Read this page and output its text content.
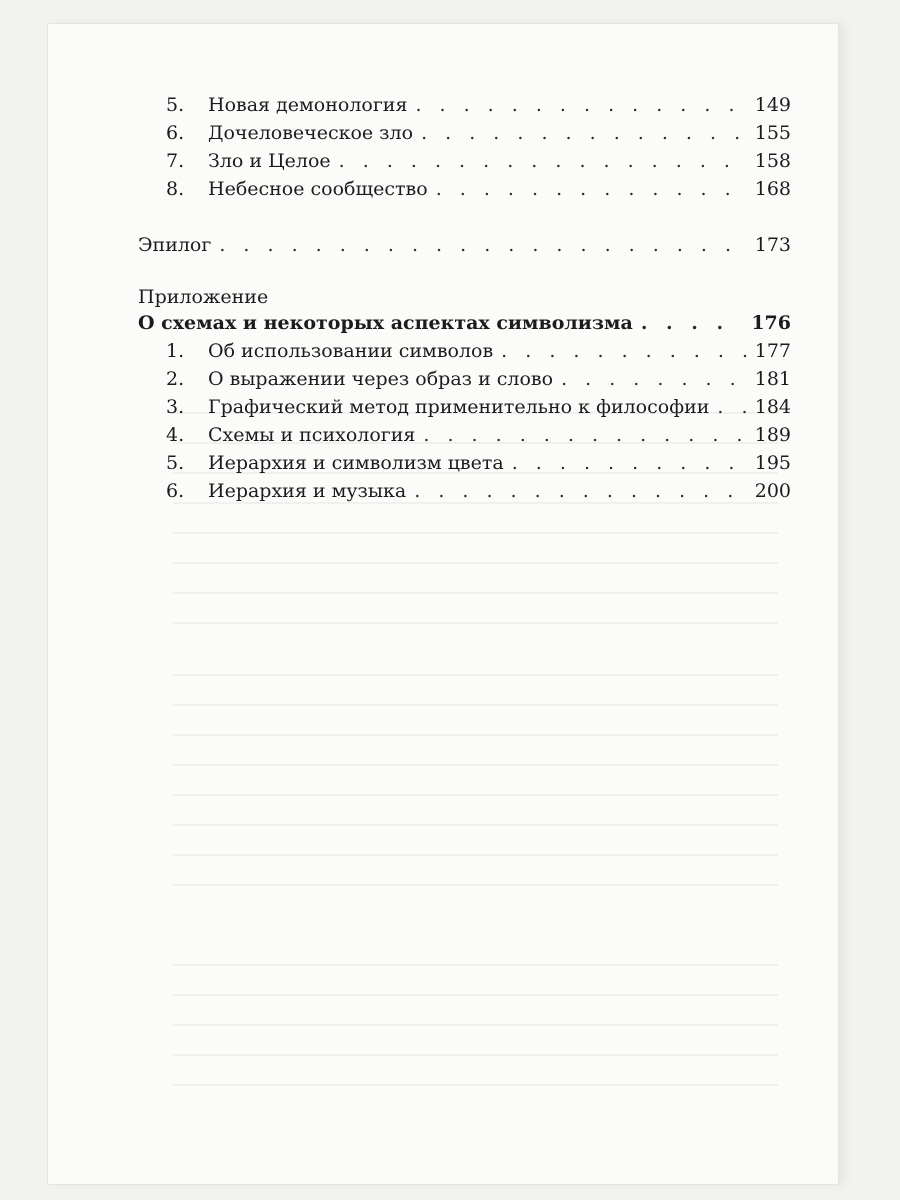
5.	Новая демонология . . .	149
6.	Дочеловеческое зло . . .	155
7.	Зло и Целое . . .	158
8.	Небесное сообщество . . .	168
Эпилог . . .	173
Приложение
О схемах и некоторых аспектах символизма . . .	176
1.	Об использовании символов . . .	177
2.	О выражении через образ и слово . . .	181
3.	Графический метод применительно к философии . . . 184
4.	Схемы и психология . . .	189
5.	Иерархия и символизм цвета . . .	195
6.	Иерархия и музыка . . .	200
